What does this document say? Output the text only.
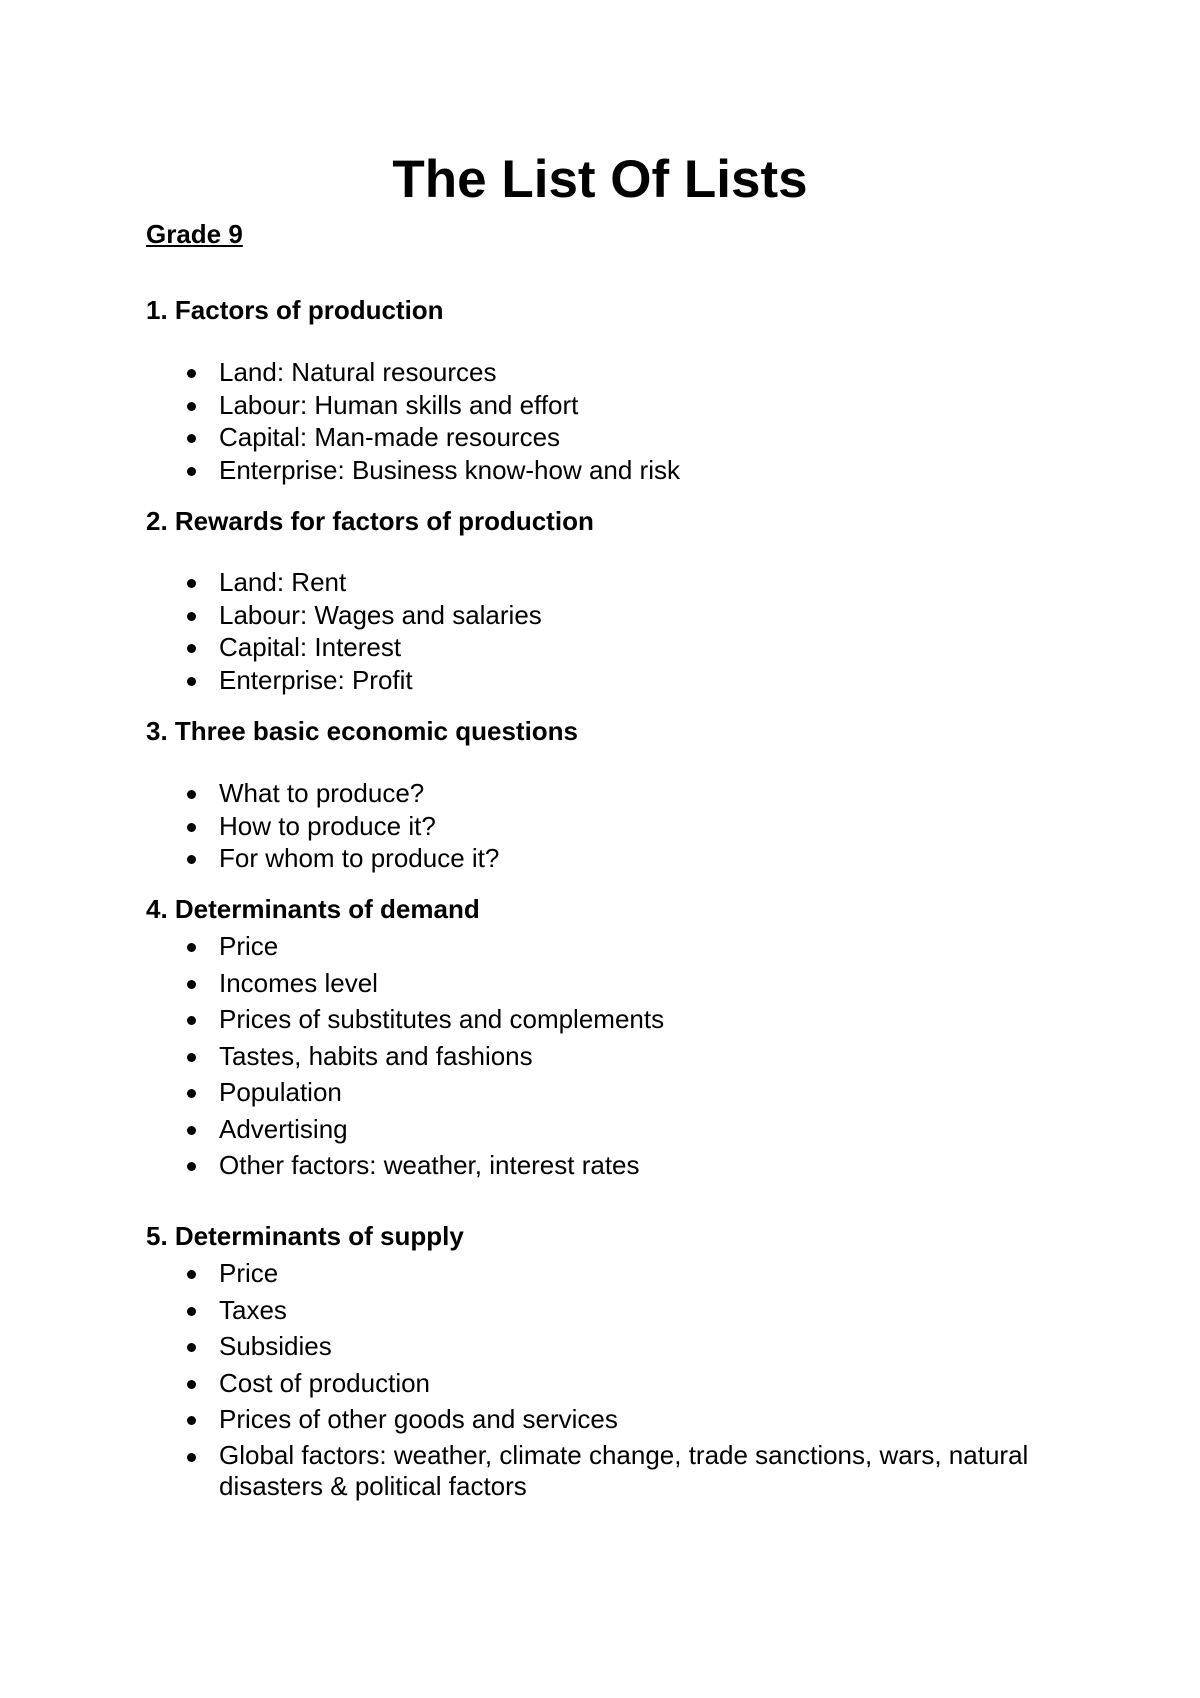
The List Of Lists
Grade 9
1. Factors of production
Land: Natural resources
Labour: Human skills and effort
Capital: Man-made resources
Enterprise: Business know-how and risk
2. Rewards for factors of production
Land: Rent
Labour: Wages and salaries
Capital: Interest
Enterprise: Profit
3. Three basic economic questions
What to produce?
How to produce it?
For whom to produce it?
4. Determinants of demand
Price
Incomes level
Prices of substitutes and complements
Tastes, habits and fashions
Population
Advertising
Other factors: weather, interest rates
5. Determinants of supply
Price
Taxes
Subsidies
Cost of production
Prices of other goods and services
Global factors: weather, climate change, trade sanctions, wars, natural disasters & political factors
